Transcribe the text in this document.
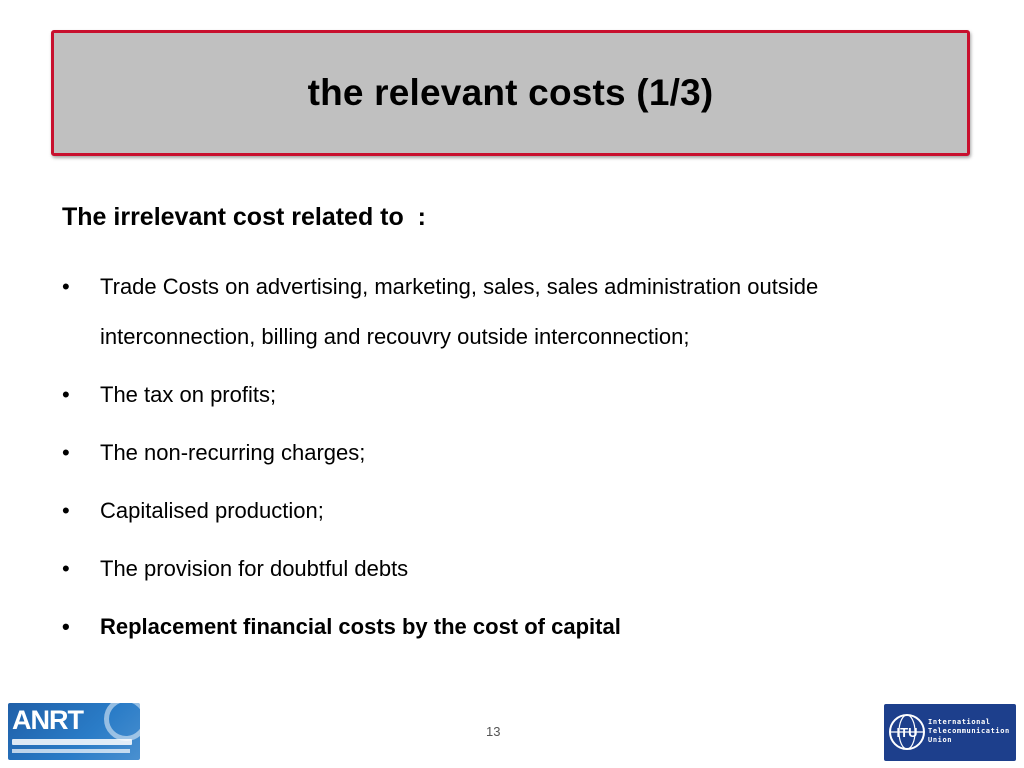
the relevant costs (1/3)
The irrelevant cost related to  :
• Trade Costs on advertising, marketing, sales, sales administration outside interconnection, billing and recouvry outside interconnection;
• The tax on profits;
• The non-recurring charges;
• Capitalised production;
• The provision for doubtful debts
• Replacement financial costs by the cost of capital
ANRT	13	ITU
International
Telecommunication
Union
